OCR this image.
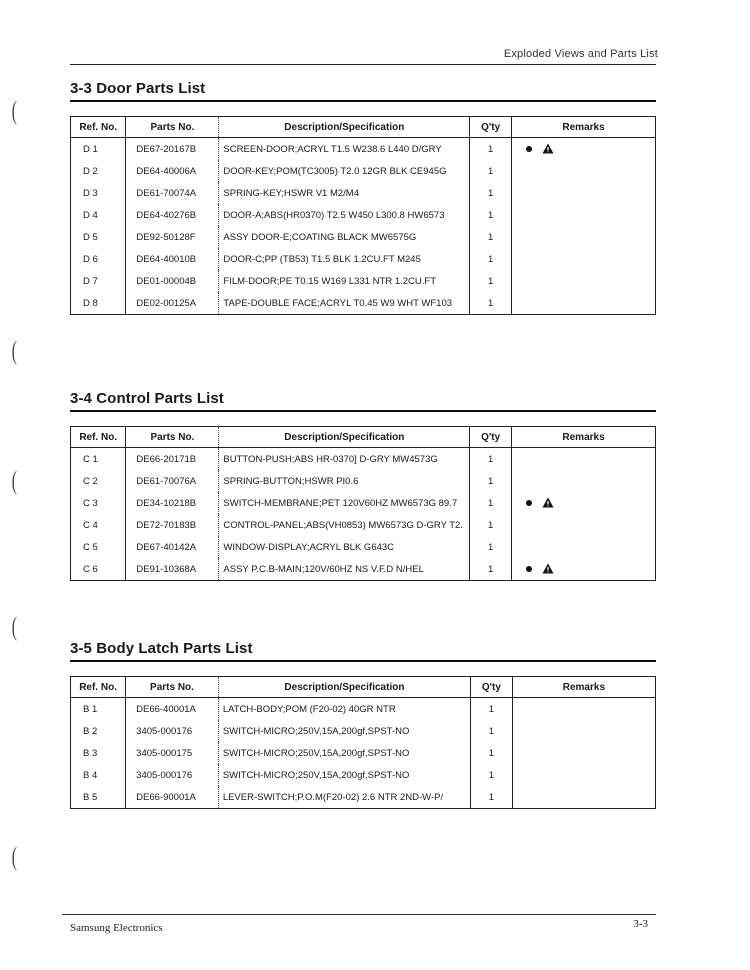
Exploded Views and Parts List
(
(
(
(
(
3-3 Door Parts List
Ref. No.	Parts No.	Description/Specification	Q'ty	Remarks
D 1	DE67-20167B	SCREEN-DOOR;ACRYL T1.5 W238.6 L440 D/GRY	1	
D 2	DE64-40006A	DOOR-KEY;POM(TC3005) T2.0 12GR BLK CE945G	1	
D 3	DE61-70074A	SPRING-KEY;HSWR V1 M2/M4	1	
D 4	DE64-40276B	DOOR-A;ABS(HR0370) T2.5 W450 L300.8 HW6573	1	
D 5	DE92-50128F	ASSY DOOR-E;COATING BLACK MW6575G	1	
D 6	DE64-40010B	DOOR-C;PP (TB53) T1.5 BLK 1.2CU.FT M245	1	
D 7	DE01-00004B	FILM-DOOR;PE T0.15 W169 L331 NTR 1.2CU.FT	1	
D 8	DE02-00125A	TAPE-DOUBLE FACE;ACRYL T0.45 W9 WHT WF103	1	
3-4 Control Parts List
Ref. No.	Parts No.	Description/Specification	Q'ty	Remarks
C 1	DE66-20171B	BUTTON-PUSH;ABS HR-0370] D-GRY MW4573G	1	
C 2	DE61-70076A	SPRING-BUTTON;HSWR PI0.6	1	
C 3	DE34-10218B	SWITCH-MEMBRANE;PET 120V60HZ MW6573G 89.7	1	
C 4	DE72-70183B	CONTROL-PANEL;ABS(VH0853) MW6573G D-GRY T2.	1	
C 5	DE67-40142A	WINDOW-DISPLAY;ACRYL BLK G643C	1	
C 6	DE91-10368A	ASSY P.C.B-MAIN;120V/60HZ NS V.F.D N/HEL	1	
3-5 Body Latch Parts List
Ref. No.	Parts No.	Description/Specification	Q'ty	Remarks
B 1	DE66-40001A	LATCH-BODY;POM (F20-02) 40GR NTR	1	
B 2	3405-000176	SWITCH-MICRO;250V,15A,200gf,SPST-NO	1	
B 3	3405-000175	SWITCH-MICRO;250V,15A,200gf,SPST-NO	1	
B 4	3405-000176	SWITCH-MICRO;250V,15A,200gf,SPST-NO	1	
B 5	DE66-90001A	LEVER-SWITCH;P.O.M(F20-02) 2.6 NTR 2ND-W-P/	1	
Samsung Electronics	3-3
